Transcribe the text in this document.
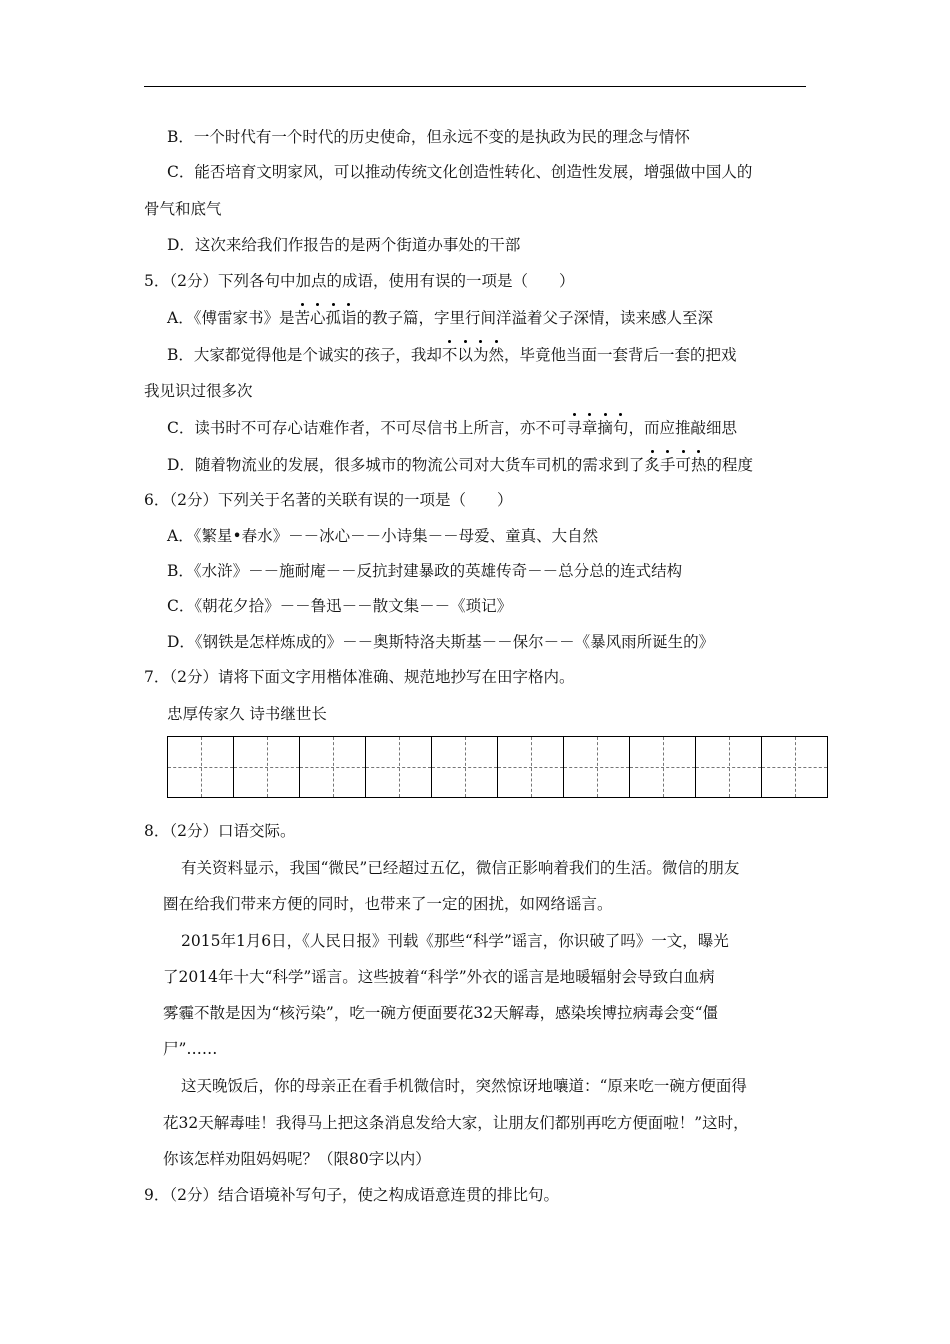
B．一个时代有一个时代的历史使命，但永远不变的是执政为民的理念与情怀
C．能否培育文明家风，可以推动传统文化创造性转化、创造性发展，增强做中国人的
骨气和底气
D．这次来给我们作报告的是两个街道办事处的干部
5．（2分）下列各句中加点的成语，使用有误的一项是（　　）
A．《傅雷家书》是苦心孤诣的教子篇，字里行间洋溢着父子深情，读来感人至深
B．大家都觉得他是个诚实的孩子，我却不以为然，毕竟他当面一套背后一套的把戏
我见识过很多次
C．读书时不可存心诘难作者，不可尽信书上所言，亦不可寻章摘句，而应推敲细思
D．随着物流业的发展，很多城市的物流公司对大货车司机的需求到了炙手可热的程度
6．（2分）下列关于名著的关联有误的一项是（　　）
A．《繁星•春水》－－冰心－－小诗集－－母爱、童真、大自然
B．《水浒》－－施耐庵－－反抗封建暴政的英雄传奇－－总分总的连式结构
C．《朝花夕拾》－－鲁迅－－散文集－－《琐记》
D．《钢铁是怎样炼成的》－－奥斯特洛夫斯基－－保尔－－《暴风雨所诞生的》
7．（2分）请将下面文字用楷体准确、规范地抄写在田字格内。
忠厚传家久 诗书继世长
8．（2分）口语交际。
有关资料显示，我国“微民”已经超过五亿，微信正影响着我们的生活。微信的朋友
圈在给我们带来方便的同时，也带来了一定的困扰，如网络谣言。
2015年1月6日，《人民日报》刊载《那些“科学”谣言，你识破了吗》一文，曝光
了2014年十大“科学”谣言。这些披着“科学”外衣的谣言是地暖辐射会导致白血病
雾霾不散是因为“核污染”，吃一碗方便面要花32天解毒，感染埃博拉病毒会变“僵
尸”……
这天晚饭后，你的母亲正在看手机微信时，突然惊讶地嚷道：“原来吃一碗方便面得
花32天解毒哇！我得马上把这条消息发给大家，让朋友们都别再吃方便面啦！”这时，
你该怎样劝阻妈妈呢？（限80字以内）
9．（2分）结合语境补写句子，使之构成语意连贯的排比句。
